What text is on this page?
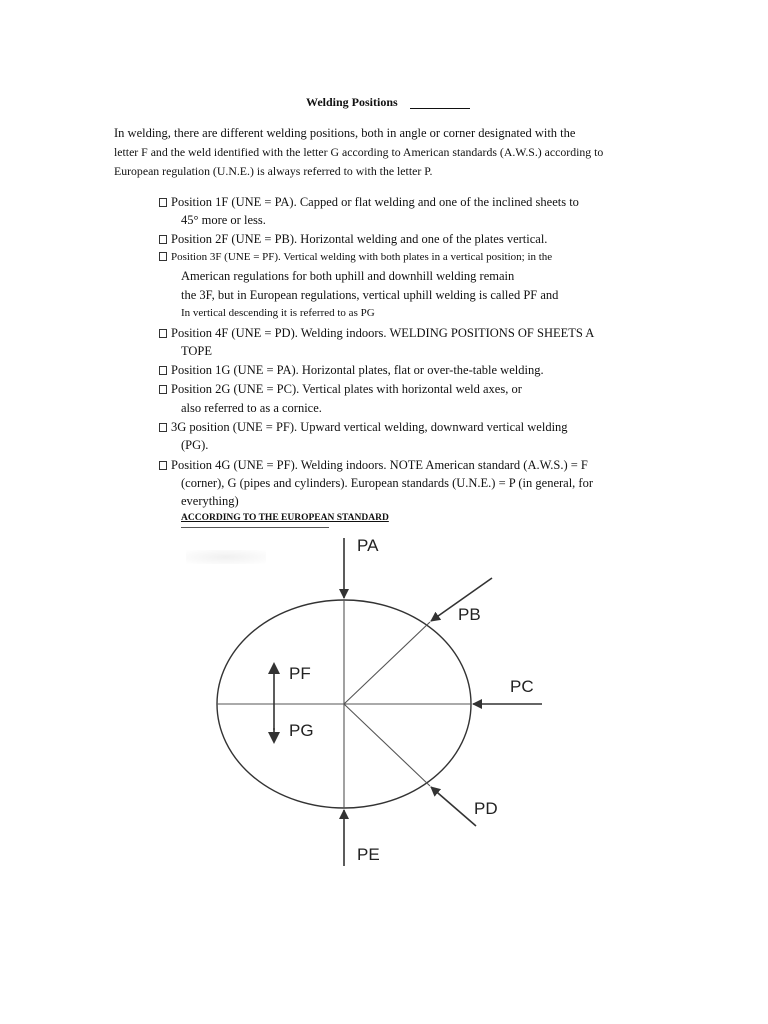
Welding Positions
In welding, there are different welding positions, both in angle or corner designated with the
letter F and the weld identified with the letter G according to American standards (A.W.S.) according to
European regulation (U.N.E.) is always referred to with the letter P.
Position 1F (UNE = PA). Capped or flat welding and one of the inclined sheets to
45° more or less.
Position 2F (UNE = PB). Horizontal welding and one of the plates vertical.
Position 3F (UNE = PF). Vertical welding with both plates in a vertical position; in the
American regulations for both uphill and downhill welding remain
the 3F, but in European regulations, vertical uphill welding is called PF and
In vertical descending it is referred to as PG
Position 4F (UNE = PD). Welding indoors. WELDING POSITIONS OF SHEETS A
TOPE
Position 1G (UNE = PA). Horizontal plates, flat or over-the-table welding.
Position 2G (UNE = PC). Vertical plates with horizontal weld axes, or
also referred to as a cornice.
3G position (UNE = PF). Upward vertical welding, downward vertical welding
(PG).
Position 4G (UNE = PF). Welding indoors. NOTE American standard (A.W.S.) = F
(corner), G (pipes and cylinders). European standards (U.N.E.) = P (in general, for
everything)
ACCORDING TO THE EUROPEAN STANDARD
PA
PB
PC
PD
PE
PF
PG
